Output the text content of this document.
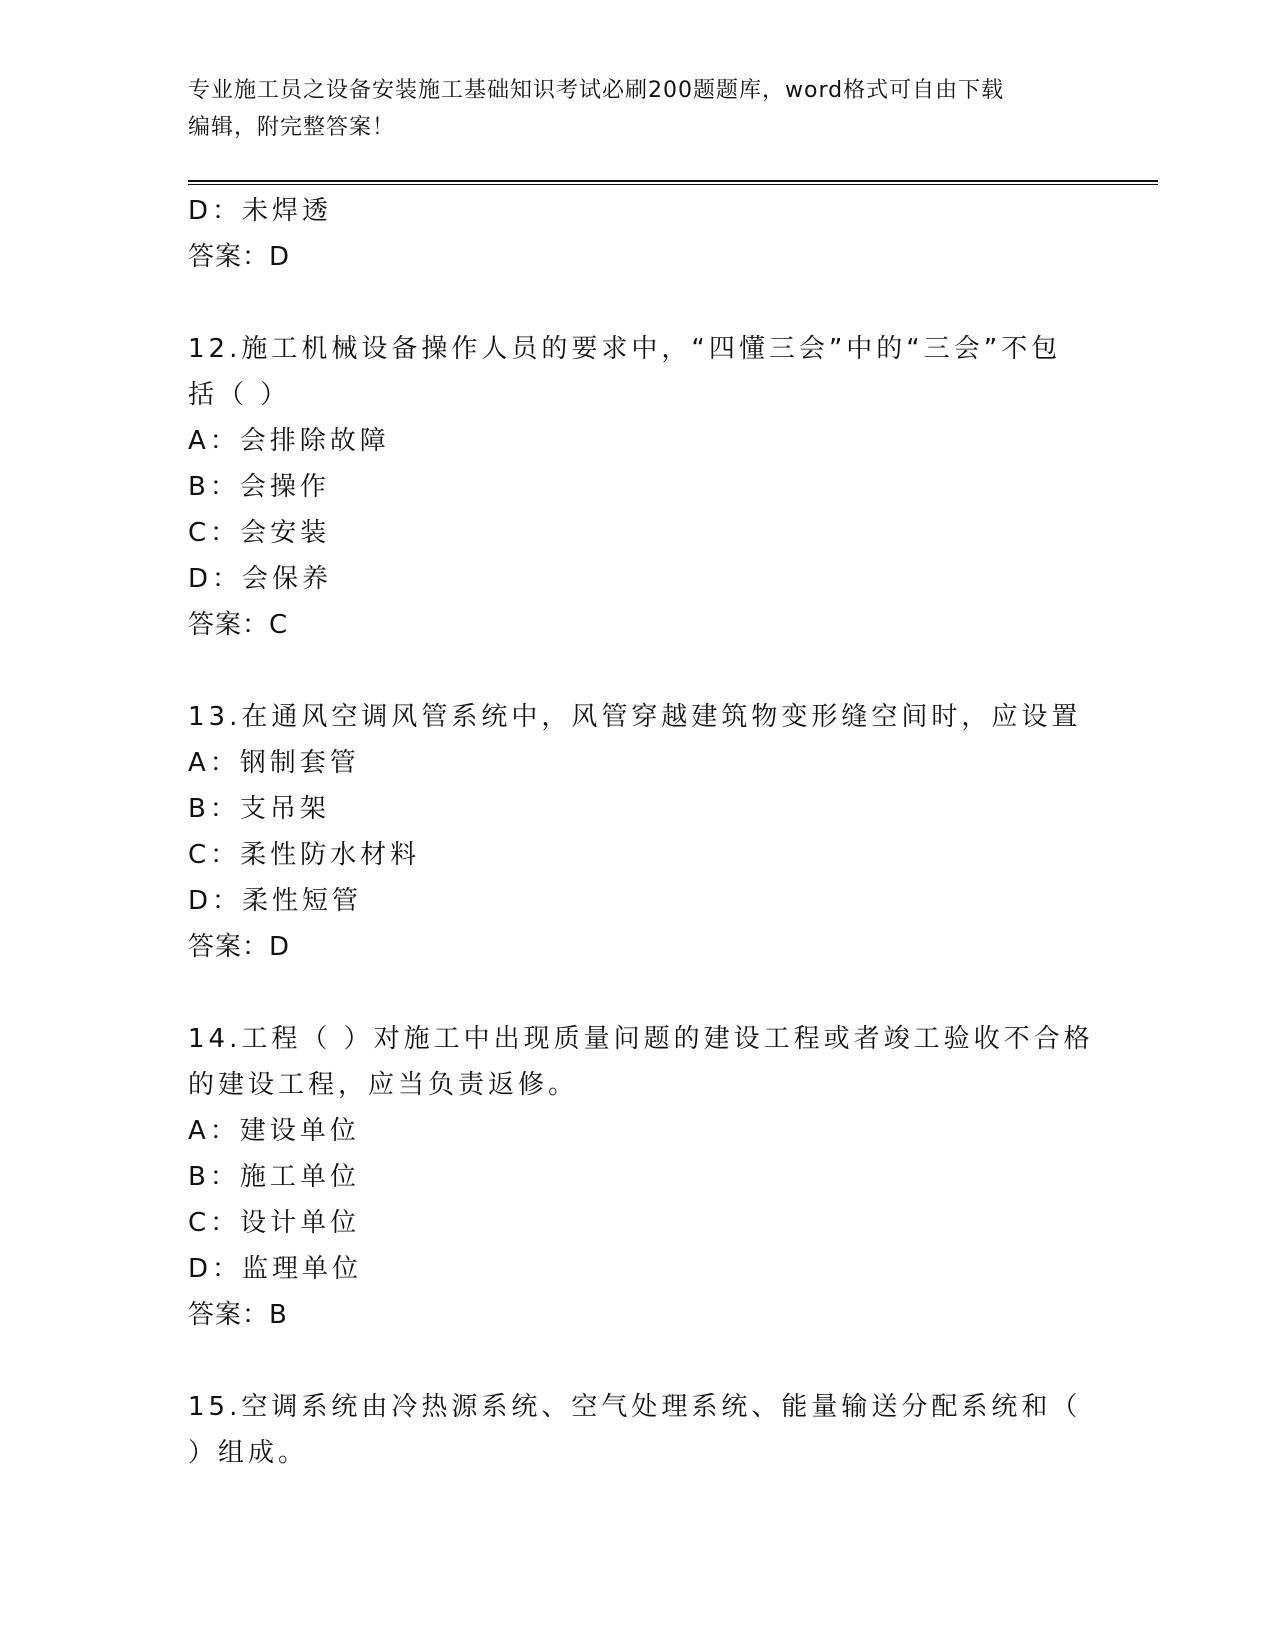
专业施工员之设备安装施工基础知识考试必刷200题题库，word格式可自由下载
编辑，附完整答案！
D：未焊透
答案：D
12.施工机械设备操作人员的要求中，“四懂三会”中的“三会”不包
括（ ）
A：会排除故障
B：会操作
C：会安装
D：会保养
答案：C
13.在通风空调风管系统中，风管穿越建筑物变形缝空间时，应设置
A：钢制套管
B：支吊架
C：柔性防水材料
D：柔性短管
答案：D
14.工程（ ）对施工中出现质量问题的建设工程或者竣工验收不合格
的建设工程，应当负责返修。
A：建设单位
B：施工单位
C：设计单位
D：监理单位
答案：B
15.空调系统由冷热源系统、空气处理系统、能量输送分配系统和（
）组成。
